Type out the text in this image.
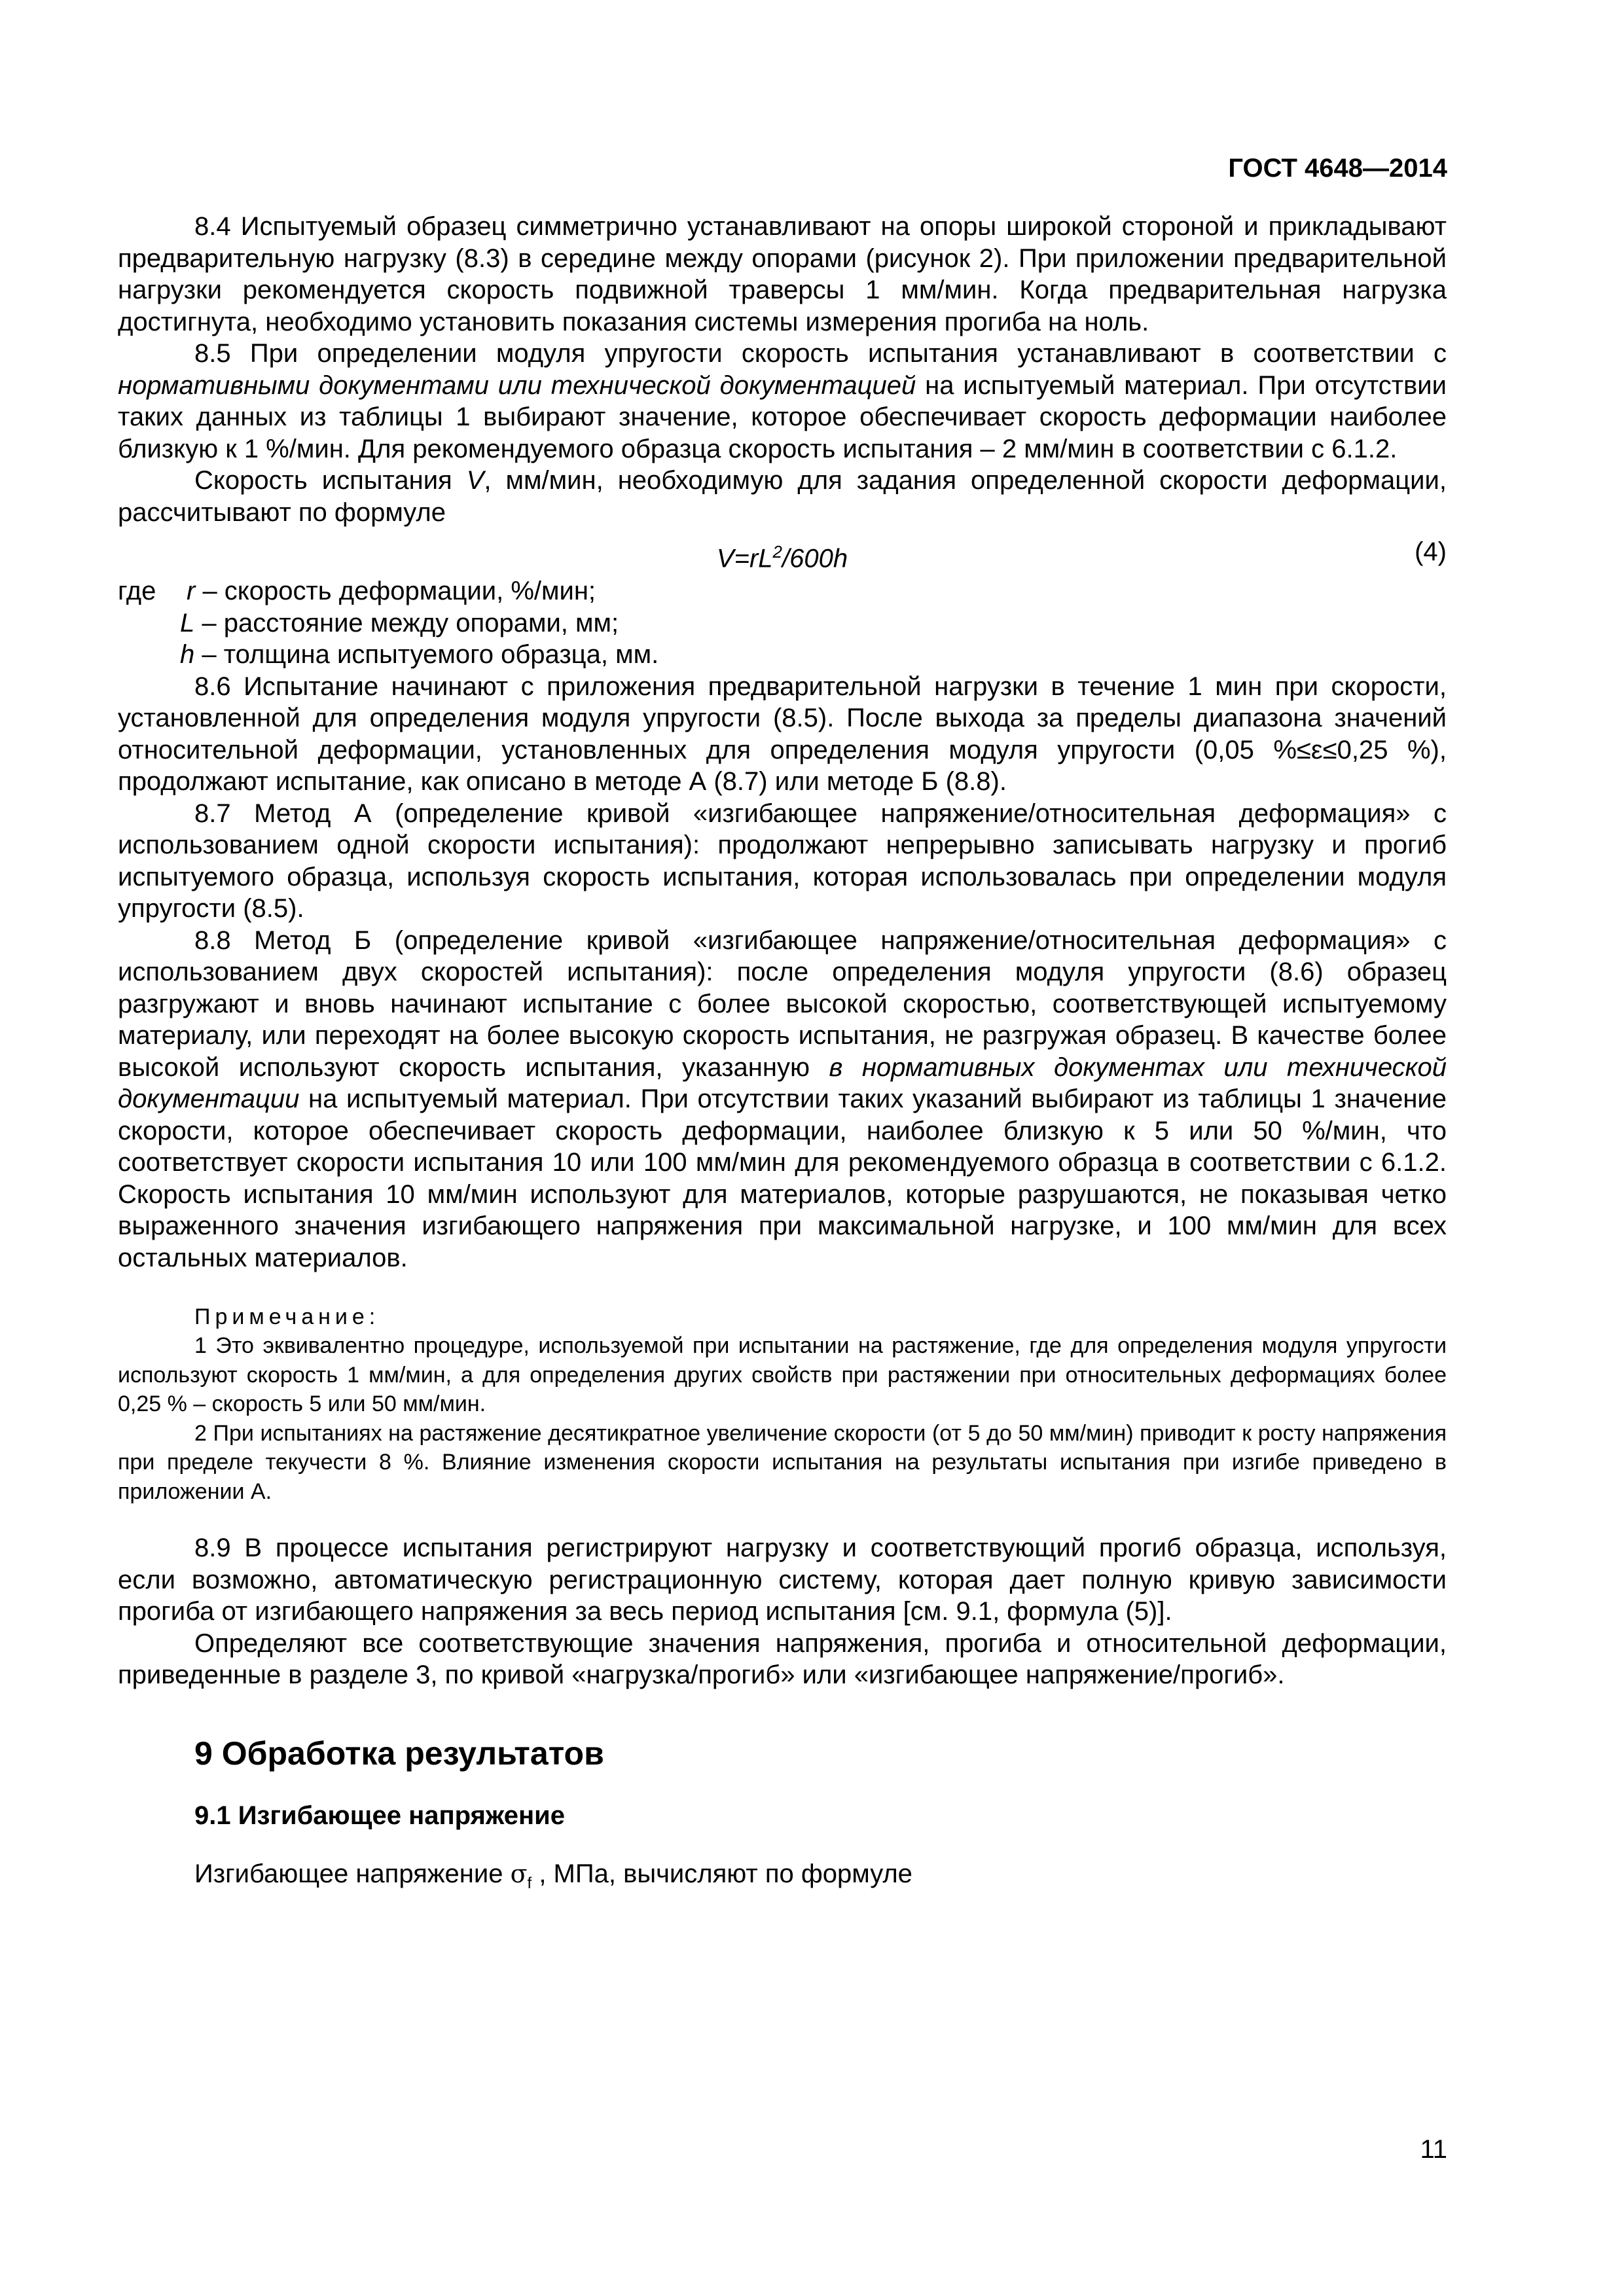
ГОСТ 4648—2014

8.4 Испытуемый образец симметрично устанавливают на опоры широкой стороной и прикладывают предварительную нагрузку (8.3) в середине между опорами (рисунок 2). При приложении предварительной нагрузки рекомендуется скорость подвижной траверсы 1 мм/мин. Когда предварительная нагрузка достигнута, необходимо установить показания системы измерения прогиба на ноль.

8.5 При определении модуля упругости скорость испытания устанавливают в соответствии с нормативными документами или технической документацией на испытуемый материал. При отсутствии таких данных из таблицы 1 выбирают значение, которое обеспечивает скорость деформации наиболее близкую к 1 %/мин. Для рекомендуемого образца скорость испытания – 2 мм/мин в соответствии с 6.1.2.

Скорость испытания V, мм/мин, необходимую для задания определенной скорости деформации, рассчитывают по формуле

$V=rL^2/600h$	(4)
где	r – скорость деформации, %/мин;
L – расстояние между опорами, мм;
h – толщина испытуемого образца, мм.

8.6 Испытание начинают с приложения предварительной нагрузки в течение 1 мин при скорости, установленной для определения модуля упругости (8.5). После выхода за пределы диапазона значений относительной деформации, установленных для определения модуля упругости (0,05 %≤ε≤0,25 %), продолжают испытание, как описано в методе А (8.7) или методе Б (8.8).

8.7 Метод А (определение кривой «изгибающее напряжение/относительная деформация» с использованием одной скорости испытания): продолжают непрерывно записывать нагрузку и прогиб испытуемого образца, используя скорость испытания, которая использовалась при определении модуля упругости (8.5).

8.8 Метод Б (определение кривой «изгибающее напряжение/относительная деформация» с использованием двух скоростей испытания): после определения модуля упругости (8.6) образец разгружают и вновь начинают испытание с более высокой скоростью, соответствующей испытуемому материалу, или переходят на более высокую скорость испытания, не разгружая образец. В качестве более высокой используют скорость испытания, указанную в нормативных документах или технической документации на испытуемый материал. При отсутствии таких указаний выбирают из таблицы 1 значение скорости, которое обеспечивает скорость деформации, наиболее близкую к 5 или 50 %/мин, что соответствует скорости испытания 10 или 100 мм/мин для рекомендуемого образца в соответствии с 6.1.2. Скорость испытания 10 мм/мин используют для материалов, которые разрушаются, не показывая четко выраженного значения изгибающего напряжения при максимальной нагрузке, и 100 мм/мин для всех остальных материалов.

Примечание:

1 Это эквивалентно процедуре, используемой при испытании на растяжение, где для определения модуля упругости используют скорость 1 мм/мин, а для определения других свойств при растяжении при относительных деформациях более 0,25 % – скорость 5 или 50 мм/мин.

2 При испытаниях на растяжение десятикратное увеличение скорости (от 5 до 50 мм/мин) приводит к росту напряжения при пределе текучести 8 %. Влияние изменения скорости испытания на результаты испытания при изгибе приведено в приложении А.

8.9 В процессе испытания регистрируют нагрузку и соответствующий прогиб образца, используя, если возможно, автоматическую регистрационную систему, которая дает полную кривую зависимости прогиба от изгибающего напряжения за весь период испытания [см. 9.1, формула (5)].

Определяют все соответствующие значения напряжения, прогиба и относительной деформации, приведенные в разделе 3, по кривой «нагрузка/прогиб» или «изгибающее напряжение/прогиб».

9 Обработка результатов
9.1 Изгибающее напряжение

Изгибающее напряжение $\sigma_f$ , МПа, вычисляют по формуле

11
